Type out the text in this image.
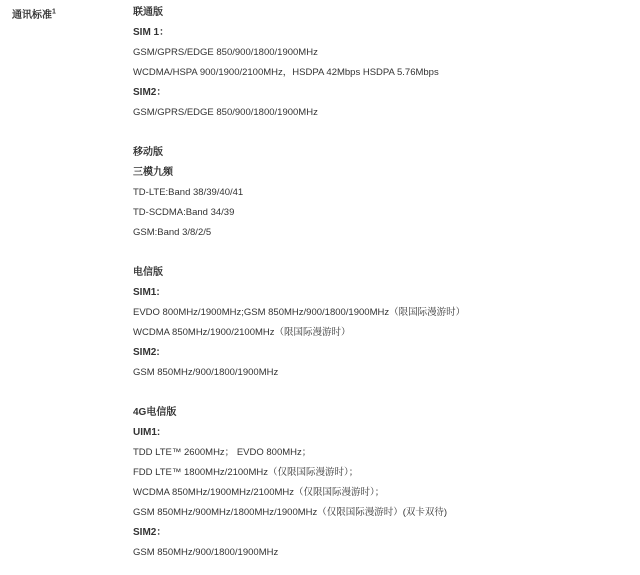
通讯标准$^1$	联通版
SIM 1：
GSM/GPRS/EDGE 850/900/1800/1900MHz
WCDMA/HSPA 900/1900/2100MHz，HSDPA 42Mbps HSDPA 5.76Mbps
SIM2：
GSM/GPRS/EDGE 850/900/1800/1900MHz
移动版
三模九频
TD-LTE:Band 38/39/40/41
TD-SCDMA:Band 34/39
GSM:Band 3/8/2/5
电信版
SIM1:
EVDO 800MHz/1900MHz;GSM 850MHz/900/1800/1900MHz（限国际漫游时）
WCDMA 850MHz/1900/2100MHz（限国际漫游时）
SIM2:
GSM 850MHz/900/1800/1900MHz
4G电信版
UIM1:
TDD LTE™ 2600MHz； EVDO 800MHz；
FDD LTE™ 1800MHz/2100MHz（仅限国际漫游时）；
WCDMA 850MHz/1900MHz/2100MHz（仅限国际漫游时）；
GSM 850MHz/900MHz/1800MHz/1900MHz（仅限国际漫游时）(双卡双待)
SIM2：
GSM 850MHz/900/1800/1900MHz
